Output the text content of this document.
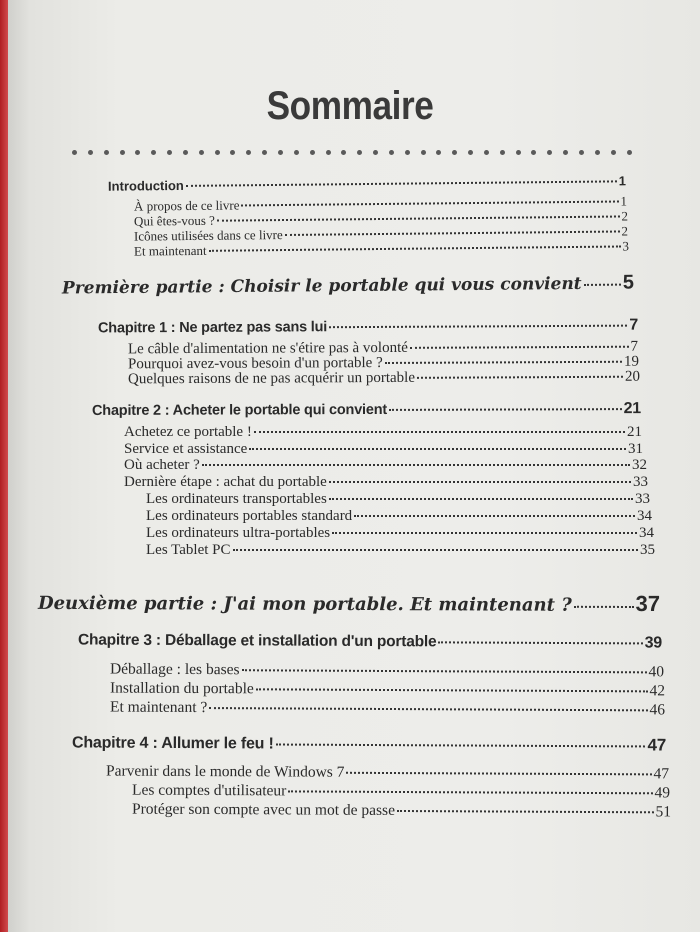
Sommaire
Introduction	1
À propos de ce livre	1
Qui êtes-vous ?	2
Icônes utilisées dans ce livre	2
Et maintenant	3
Première partie : Choisir le portable qui vous convient 5
Chapitre 1 : Ne partez pas sans lui	7
Le câble d'alimentation ne s'étire pas à volonté	7
Pourquoi avez-vous besoin d'un portable ?	19
Quelques raisons de ne pas acquérir un portable	20
Chapitre 2 : Acheter le portable qui convient	21
Achetez ce portable !	21
Service et assistance	31
Où acheter ?	32
Dernière étape : achat du portable	33
Les ordinateurs transportables	33
Les ordinateurs portables standard	34
Les ordinateurs ultra-portables	34
Les Tablet PC	35
Deuxième partie : J'ai mon portable. Et maintenant ?	37
Chapitre 3 : Déballage et installation d'un portable	39
Déballage : les bases	40
Installation du portable	42
Et maintenant ?	46
Chapitre 4 : Allumer le feu !	47
Parvenir dans le monde de Windows 7	47
Les comptes d'utilisateur	49
Protéger son compte avec un mot de passe	51
